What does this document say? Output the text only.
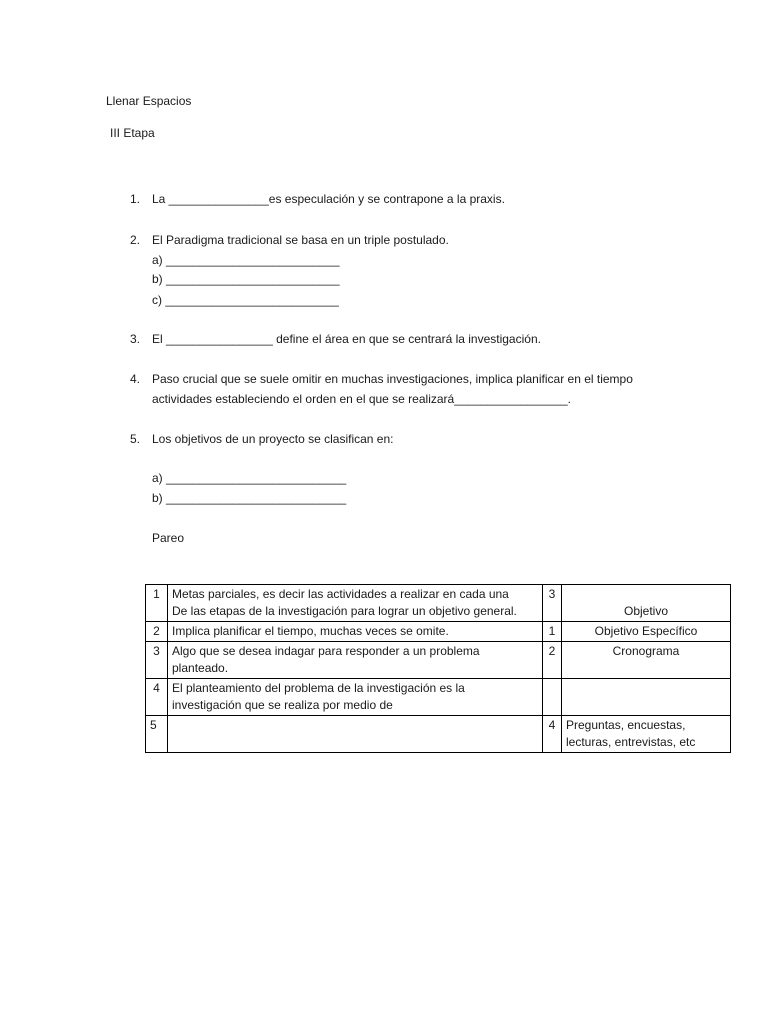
Llenar Espacios
III Etapa
1. La _______________es especulación y se contrapone a la praxis.
2. El Paradigma tradicional se basa en un triple postulado.
a) __________________________
b) __________________________
c) __________________________
3. El ________________ define el área en que se centrará la investigación.
4. Paso crucial que se suele omitir en muchas investigaciones, implica planificar en el tiempo
actividades estableciendo el orden en el que se realizará_________________.
5. Los objetivos de un proyecto se clasifican en:
a) ___________________________
b) ___________________________
Pareo
1	Metas parciales, es decir las actividades a realizar en cada una
De las etapas de la investigación para lograr un objetivo general.	3	Objetivo
2	Implica planificar el tiempo, muchas veces se omite.	1	Objetivo Específico
3	Algo que se desea indagar para responder a un problema
planteado.	2	Cronograma
4	El planteamiento del problema de la investigación es la
investigación que se realiza por medio de		

5		4	Preguntas, encuestas,
lecturas, entrevistas, etc
